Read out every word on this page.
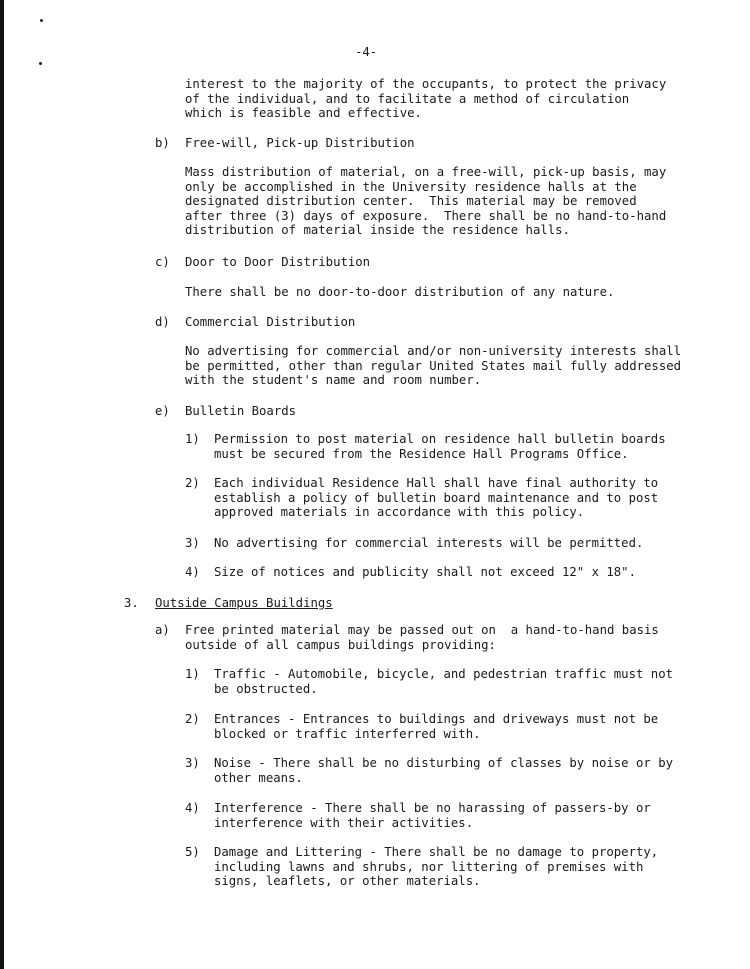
-4-
interest to the majority of the occupants, to protect the privacy
of the individual, and to facilitate a method of circulation
which is feasible and effective.
b) Free-will, Pick-up Distribution
Mass distribution of material, on a free-will, pick-up basis, may
only be accomplished in the University residence halls at the
designated distribution center.  This material may be removed
after three (3) days of exposure.  There shall be no hand-to-hand
distribution of material inside the residence halls.
c) Door to Door Distribution
There shall be no door-to-door distribution of any nature.
d) Commercial Distribution
No advertising for commercial and/or non-university interests shall
be permitted, other than regular United States mail fully addressed
with the student's name and room number.
e) Bulletin Boards
1) Permission to post material on residence hall bulletin boards
must be secured from the Residence Hall Programs Office.
2) Each individual Residence Hall shall have final authority to
establish a policy of bulletin board maintenance and to post
approved materials in accordance with this policy.
3) No advertising for commercial interests will be permitted.
4) Size of notices and publicity shall not exceed 12" x 18".
3. Outside Campus Buildings
a) Free printed material may be passed out on  a hand-to-hand basis
outside of all campus buildings providing:
1) Traffic - Automobile, bicycle, and pedestrian traffic must not
be obstructed.
2) Entrances - Entrances to buildings and driveways must not be
blocked or traffic interferred with.
3) Noise - There shall be no disturbing of classes by noise or by
other means.
4) Interference - There shall be no harassing of passers-by or
interference with their activities.
5) Damage and Littering - There shall be no damage to property,
including lawns and shrubs, nor littering of premises with
signs, leaflets, or other materials.
